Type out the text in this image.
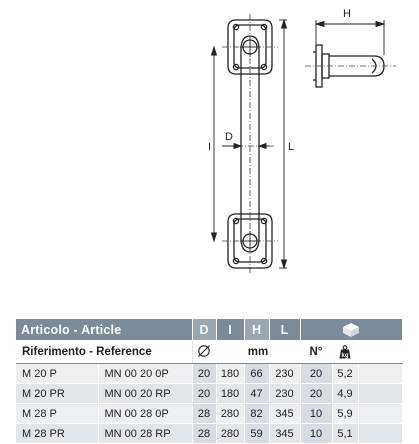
I	L
D
H
Articolo - Article		D	I	H	L	
Riferimento - Reference			mm			N°	kg	

M 20 P	MN 00 20 0P	20	180	66	230	20	5,2	
M 20 PR	MN 00 20 RP	20	180	47	230	20	4,9	
M 28 P	MN 00 28 0P	28	280	82	345	10	5,9	
M 28 PR	MN 00 28 RP	28	280	59	345	10	5,1	
